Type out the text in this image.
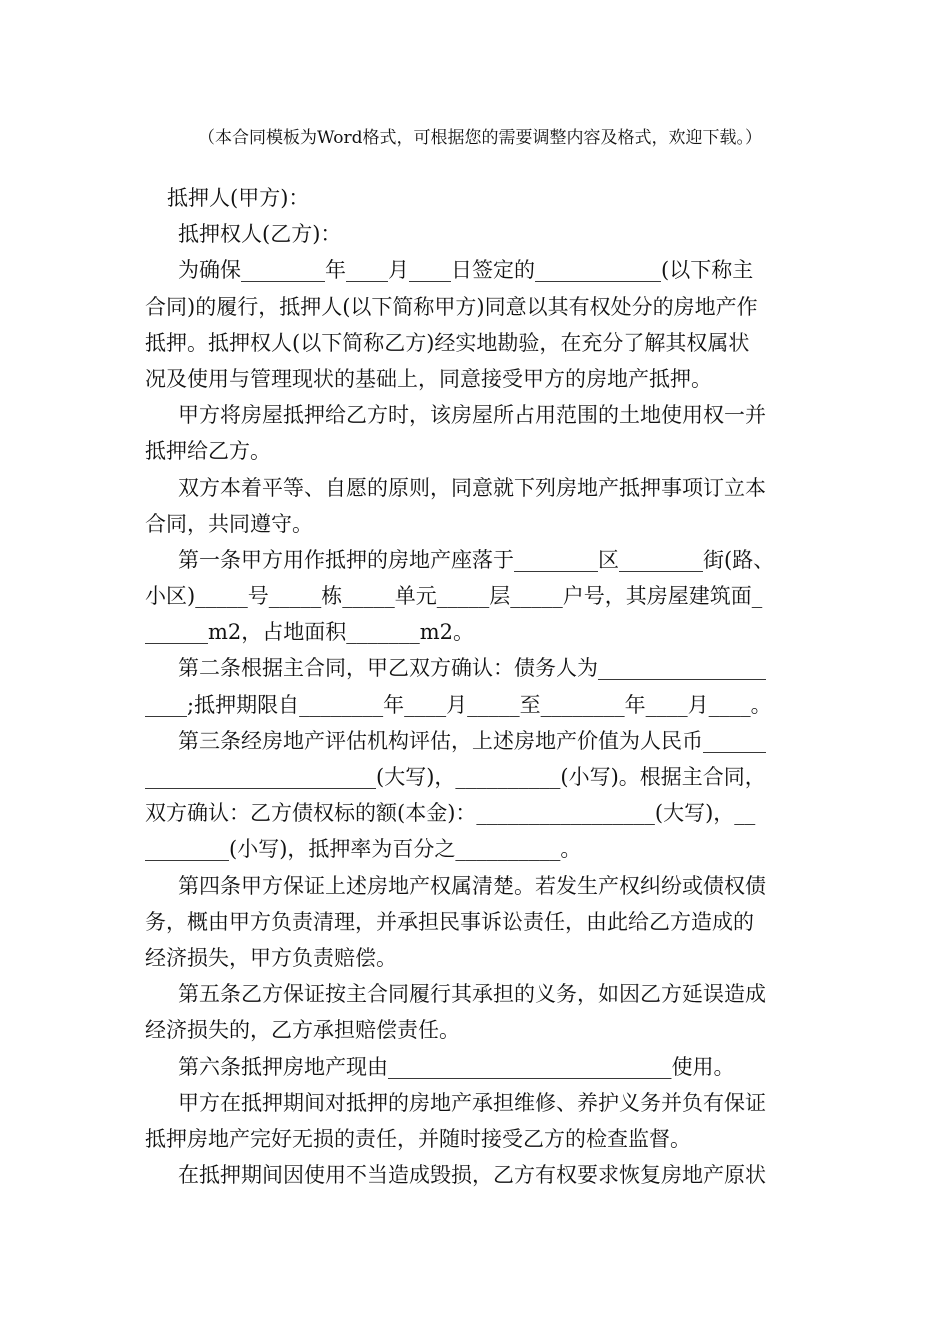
（本合同模板为Word格式，可根据您的需要调整内容及格式，欢迎下载。）
抵押人(甲方)：
抵押权人(乙方)：
为确保________年____月____日签定的____________(以下称主
合同)的履行，抵押人(以下简称甲方)同意以其有权处分的房地产作
抵押。抵押权人(以下简称乙方)经实地勘验，在充分了解其权属状
况及使用与管理现状的基础上，同意接受甲方的房地产抵押。
甲方将房屋抵押给乙方时，该房屋所占用范围的土地使用权一并
抵押给乙方。
双方本着平等、自愿的原则，同意就下列房地产抵押事项订立本
合同，共同遵守。
第一条甲方用作抵押的房地产座落于________区________街(路、
小区)_____号_____栋_____单元_____层_____户号，其房屋建筑面_
______m2，占地面积_______m2。
第二条根据主合同，甲乙双方确认：债务人为________________
____;抵押期限自________年____月_____至________年____月____。
第三条经房地产评估机构评估，上述房地产价值为人民币______
______________________(大写)，__________(小写)。根据主合同，
双方确认：乙方债权标的额(本金)：_________________(大写)，__
________(小写)，抵押率为百分之__________。
第四条甲方保证上述房地产权属清楚。若发生产权纠纷或债权债
务，概由甲方负责清理，并承担民事诉讼责任，由此给乙方造成的
经济损失，甲方负责赔偿。
第五条乙方保证按主合同履行其承担的义务，如因乙方延误造成
经济损失的，乙方承担赔偿责任。
第六条抵押房地产现由___________________________使用。
甲方在抵押期间对抵押的房地产承担维修、养护义务并负有保证
抵押房地产完好无损的责任，并随时接受乙方的检查监督。
在抵押期间因使用不当造成毁损，乙方有权要求恢复房地产原状
